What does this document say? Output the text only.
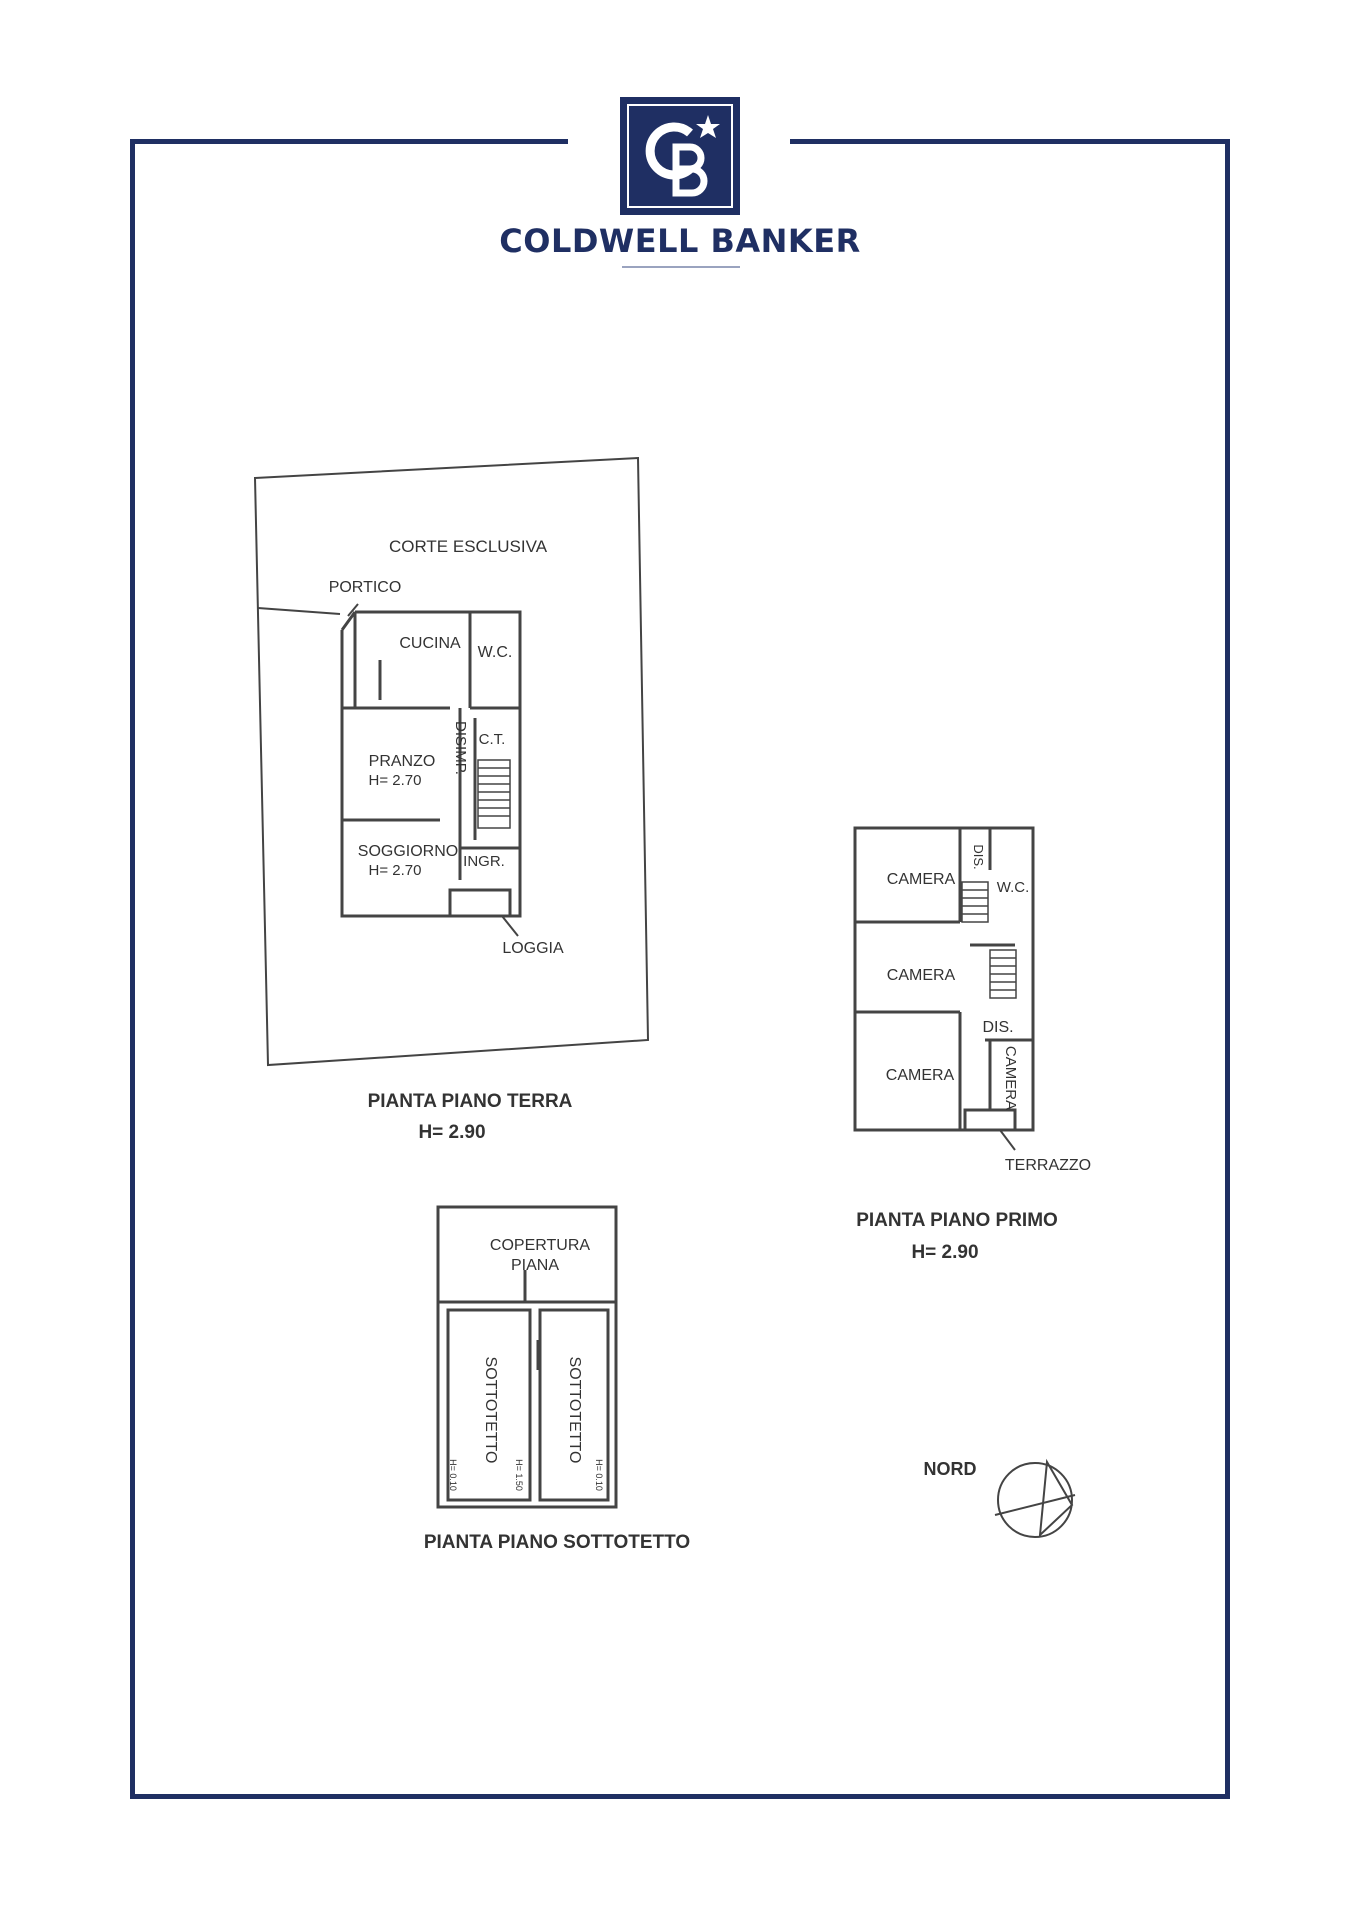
COLDWELL BANKER
CORTE ESCLUSIVA
PORTICO
CUCINA
W.C.
C.T.
DISIMP.
PRANZO
H= 2.70
SOGGIORNO
H= 2.70
INGR.
LOGGIA
PIANTA PIANO TERRA
H= 2.90
CAMERA
DIS.
W.C.
CAMERA
DIS.
CAMERA	CAMERA
TERRAZZO
PIANTA PIANO PRIMO
H= 2.90
COPERTURA
PIANA
SOTTOTETTO	SOTTOTETTO
H= 0.10	H= 1.50	H= 0.10
PIANTA PIANO SOTTOTETTO
NORD
